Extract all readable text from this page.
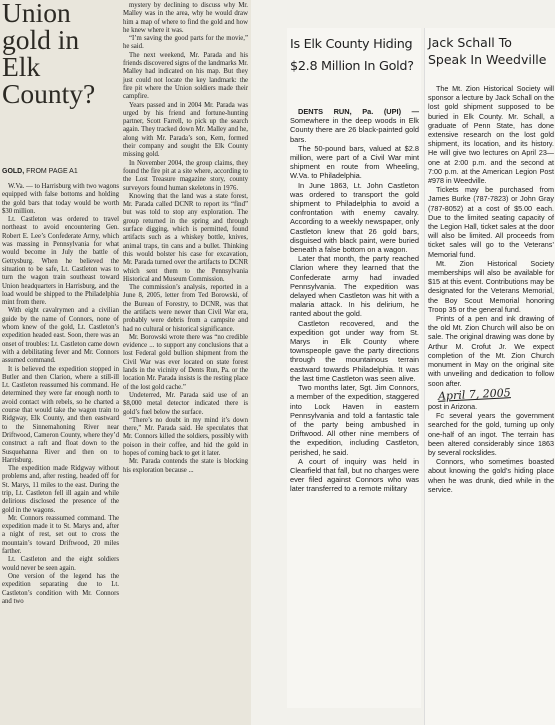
Union gold in Elk County?
GOLD, FROM PAGE A1

W.Va. — to Harrisburg with two wagons equipped with false bottoms and holding the gold bars that today would be worth $30 million.

Lt. Castleton was ordered to travel northeast to avoid encountering Gen. Robert E. Lee’s Confederate Army, which was massing in Pennsylvania for what would become in July the battle of Gettysburg. When he believed the situation to be safe, Lt. Castleton was to turn the wagon train southeast toward Union headquarters in Harrisburg, and the load would be shipped to the Philadelphia mint from there.

With eight cavalrymen and a civilian guide by the name of Connors, none of whom knew of the gold, Lt. Castleton’s expedition headed east. Soon, there was an onset of troubles: Lt. Castleton came down with a debilitating fever and Mr. Connors assumed command.

It is believed the expedition stopped in Butler and then Clarion, where a still-ill Lt. Castleton reassumed his command. He determined they were far enough north to avoid contact with rebels, so he charted a course that would take the wagon train to Ridgway, Elk County, and then eastward to the Sinnemahoning River near Driftwood, Cameron County, where they’d construct a raft and float down to the Susquehanna River and then on to Harrisburg.

The expedition made Ridgway without problems and, after resting, headed off for St. Marys, 11 miles to the east. During the trip, Lt. Castleton fell ill again and while delirious disclosed the presence of the gold in the wagons.

Mr. Connors reassumed command. The expedition made it to St. Marys and, after a night of rest, set out to cross the mountain’s toward Driftwood, 20 miles farther.

Lt. Castleton and the eight soldiers would never be seen again.

One version of the legend has the expedition separating due to Lt. Castleton’s condition with Mr. Connors and two

mystery by declining to discuss why Mr. Malley was in the area, why he would draw him a map of where to find the gold and how he knew where it was.

“I’m saving the good parts for the movie,” he said.

The next weekend, Mr. Parada and his friends discovered signs of the landmarks Mr. Malley had indicated on his map. But they just could not locate the key landmark: the fire pit where the Union soldiers made their campfire.

Years passed and in 2004 Mr. Parada was urged by his friend and fortune-hunting partner, Scott Farrell, to pick up the search again. They tracked down Mr. Malley and he, along with Mr. Parada’s son, Kem, formed their company and sought the Elk County missing gold.

In November 2004, the group claims, they found the fire pit at a site where, according to the Lost Treasure magazine story, county surveyors found human skeletons in 1976.

Knowing that the land was a state forest, Mr. Parada called DCNR to report its “find” but was told to stop any exploration. The group returned in the spring and through surface digging, which is permitted, found artifacts such as a whiskey bottle, knives, animal traps, tin cans and a bullet. Thinking this would bolster his case for excavation, Mr. Parada turned over the artifacts to DCNR which sent them to the Pennsylvania Historical and Museum Commission.

The commission’s analysis, reported in a June 8, 2005, letter from Ted Borowski, of the Bureau of Forestry, to DCNR, was that the artifacts were newer than Civil War era, probably were debris from a campsite and had no cultural or historical significance.

Mr. Borowski wrote there was “no credible evidence ... to support any conclusions that a lost Federal gold bullion shipment from the Civil War was ever located on state forest lands in the vicinity of Dents Run, Pa. or the location Mr. Parada insists is the resting place of the lost gold cache.”

Undeterred, Mr. Parada said use of an $8,000 metal detector indicated there is gold’s fuel below the surface.

“There’s no doubt in my mind it’s down there,” Mr. Parada said. He speculates that Mr. Connors killed the soldiers, possibly with poison in their coffee, and hid the gold in hopes of coming back to get it later.

Mr. Parada contends the state is blocking his exploration because ...

Is Elk County Hiding $2.8 Million In Gold?

DENTS RUN, Pa. (UPI) — Somewhere in the deep woods in Elk County there are 26 black-painted gold bars.

The 50-pound bars, valued at $2.8 million, were part of a Civil War mint shipment en route from Wheeling, W.Va. to Philadelphia.

In June 1863, Lt. John Castleton was ordered to transport the gold shipment to Philadelphia to avoid a confrontation with enemy cavalry. According to a weekly newspaper, only Castleton knew that 26 gold bars, disguised with black paint, were buried beneath a false bottom on a wagon.

Later that month, the party reached Clarion where they learned that the Confederate army had invaded Pennsylvania. The expedition was delayed when Castleton was hit with a malaria attack. In his delirium, he ranted about the gold.

Castleton recovered, and the expedition got under way from St. Marys in Elk County where townspeople gave the party directions through the mountainous terrain eastward towards Philadelphia. It was the last time Castleton was seen alive.

Two months later, Sgt. Jim Connors, a member of the expedition, staggered into Lock Haven in eastern Pennsylvania and told a fantastic tale of the party being ambushed in Driftwood. All other nine members of the expedition, including Castleton, perished, he said.

A court of inquiry was held in Clearfield that fall, but no charges were ever filed against Connors who was later transferred to a remote military

Jack Schall To Speak In Weedville

The Mt. Zion Historical Society will sponsor a lecture by Jack Schall on the lost gold shipment supposed to be buried in Elk County. Mr. Schall, a graduate of Penn State, has done extensive research on the lost gold shipment, its location, and its history. He will give two lectures on April 23—one at 2:00 p.m. and the second at 7:00 p.m. at the American Legion Post #978 in Weedville.

Tickets may be purchased from James Burke (787-7823) or John Gray (787-8052) at a cost of $5.00 each. Due to the limited seating capacity of the Legion Hall, ticket sales at the door will also be limited. All proceeds from ticket sales will go to the Veterans’ Memorial fund.

Mt. Zion Historical Society memberships will also be available for $15 at this event. Contributions may be designated for the Veterans Memorial, the Boy Scout Memorial honoring Troop 35 or the general fund.

Prints of a pen and ink drawing of the old Mt. Zion Church will also be on sale. The original drawing was done by Arthur M. Crofut Jr. We expect completion of the Mt. Zion Church monument in May on the original site with unveiling and dedication to follow soon after.

April 7, 2005

post in Arizona.

Fc several years the government searched for the gold, turning up only one-half of an ingot. The terrain has been altered considerably since 1863 by several rockslides.

Connors, who sometimes boasted about knowing the gold’s hiding place when he was drunk, died while in the service.
